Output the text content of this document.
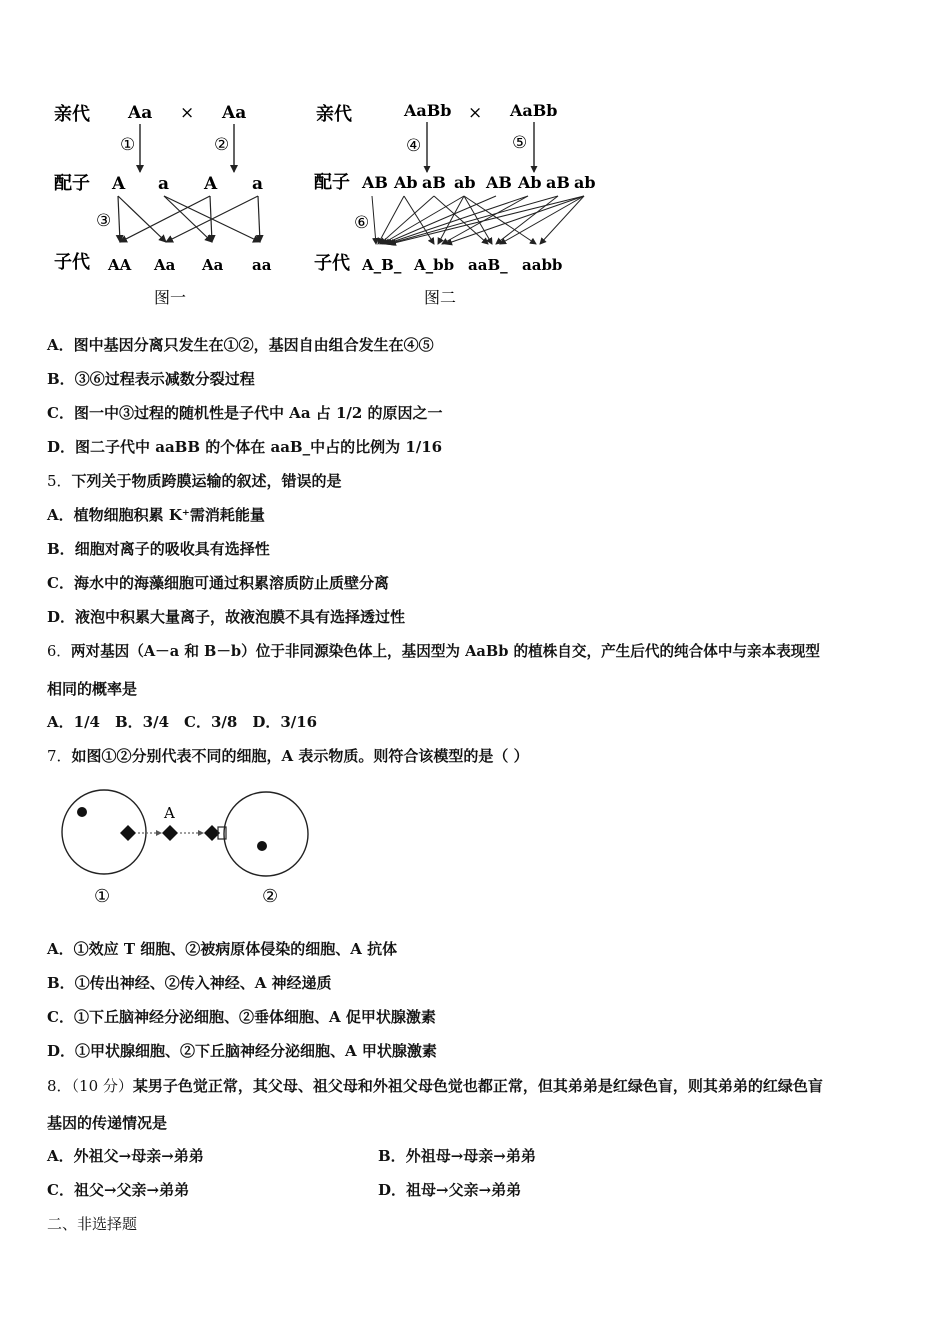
亲代 Aa × Aa
①	②
配子 A a A a
③
子代 AA Aa Aa aa
图一
亲代	AaBb × AaBb
④	⑤
配子 AB Ab aB ab AB Ab aB ab
⑥
子代 A_B_ A_bb aaB_ aabb
图二
A．图中基因分离只发生在①②，基因自由组合发生在④⑤
B．③⑥过程表示减数分裂过程
C．图一中③过程的随机性是子代中 Aa 占 1/2 的原因之一
D．图二子代中 aaBB 的个体在 aaB_中占的比例为 1/16
5．下列关于物质跨膜运输的叙述，错误的是
A．植物细胞积累 K⁺需消耗能量
B．细胞对离子的吸收具有选择性
C．海水中的海藻细胞可通过积累溶质防止质壁分离
D．液泡中积累大量离子，故液泡膜不具有选择透过性
6．两对基因（A－a 和 B－b）位于非同源染色体上，基因型为 AaBb 的植株自交，产生后代的纯合体中与亲本表现型
相同的概率是
A．1/4　B．3/4　C．3/8　D．3/16
7．如图①②分别代表不同的细胞，A 表示物质。则符合该模型的是（ ）
A
①	②
A．①效应 T 细胞、②被病原体侵染的细胞、A 抗体
B．①传出神经、②传入神经、A 神经递质
C．①下丘脑神经分泌细胞、②垂体细胞、A 促甲状腺激素
D．①甲状腺细胞、②下丘脑神经分泌细胞、A 甲状腺激素
8．（10 分）某男子色觉正常，其父母、祖父母和外祖父母色觉也都正常，但其弟弟是红绿色盲，则其弟弟的红绿色盲
基因的传递情况是
A．外祖父→母亲→弟弟	B．外祖母→母亲→弟弟
C．祖父→父亲→弟弟	D．祖母→父亲→弟弟
二、非选择题
